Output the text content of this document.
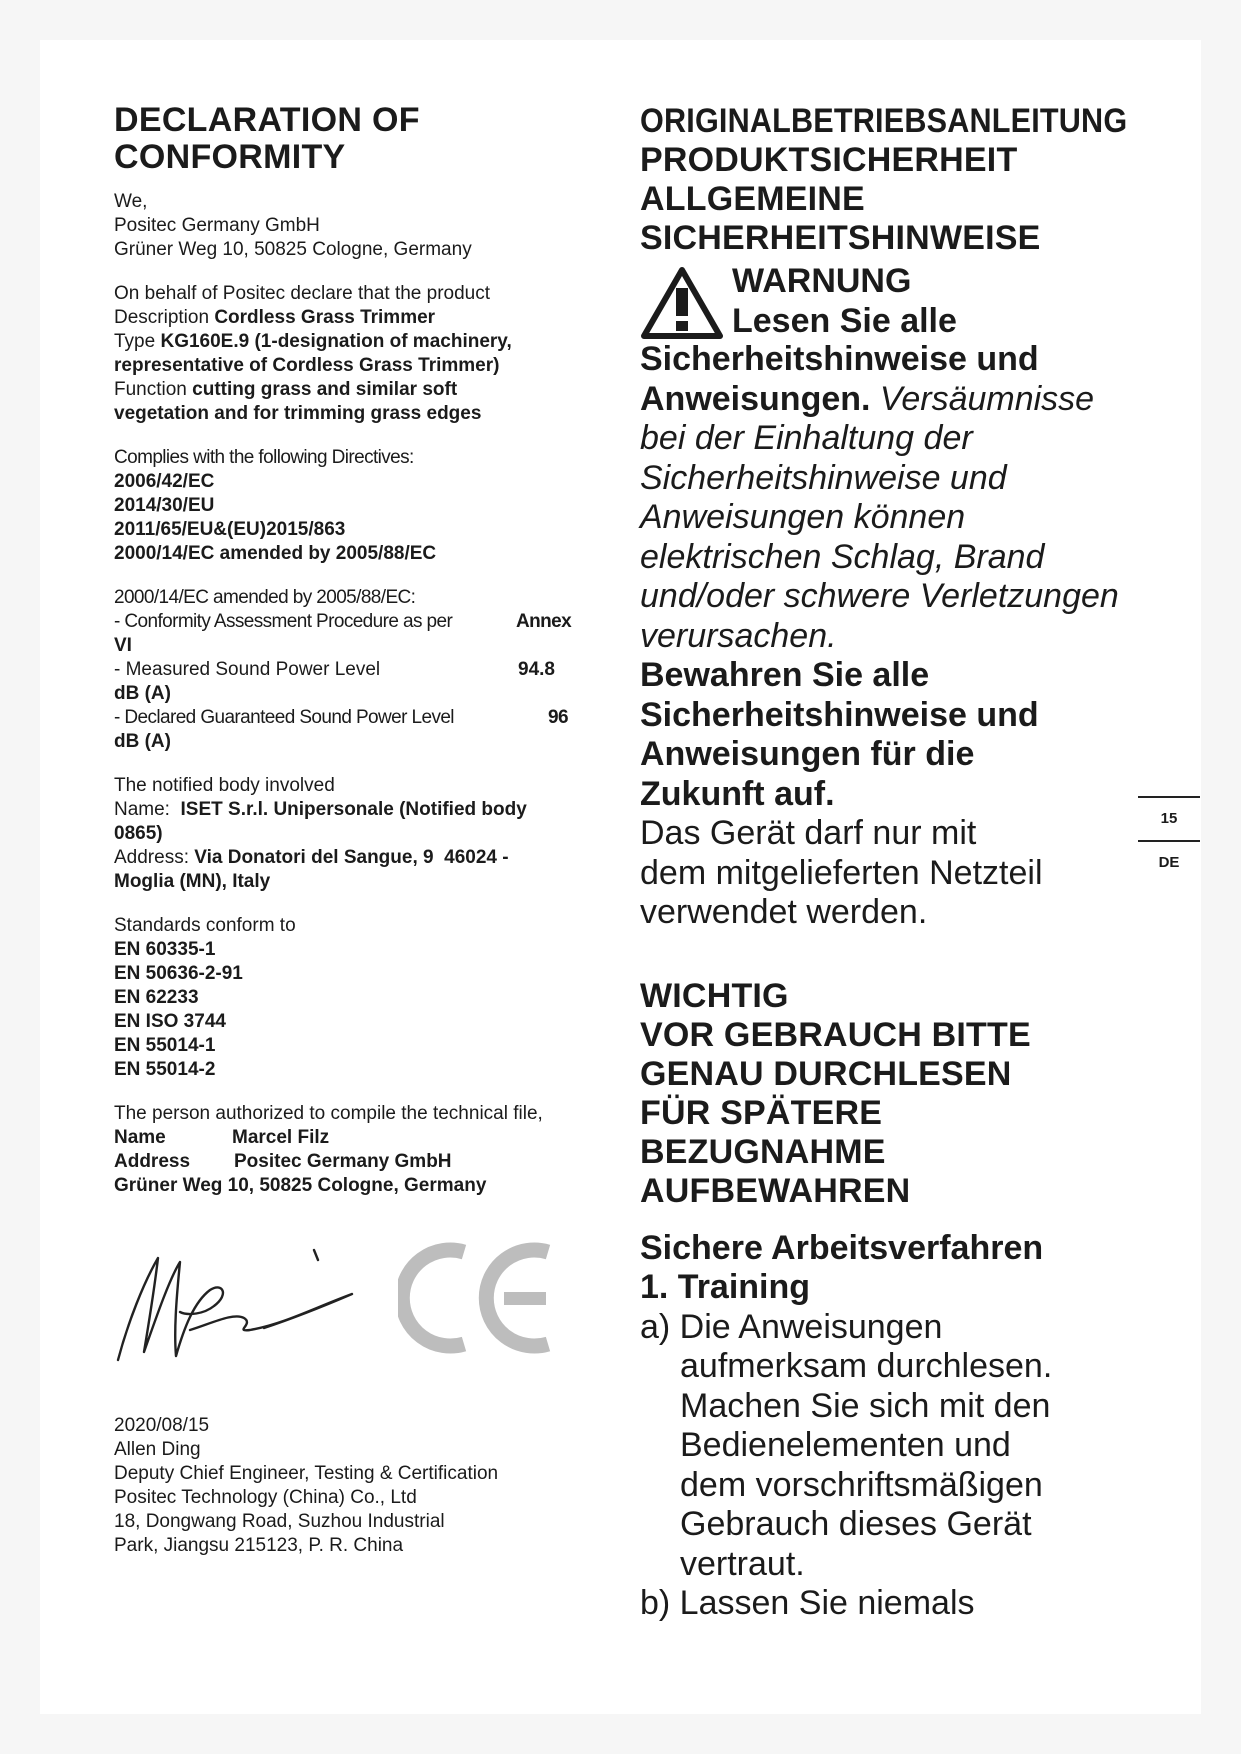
DECLARATION OF
CONFORMITY
We,
Positec Germany GmbH
Grüner Weg 10, 50825 Cologne, Germany
On behalf of Positec declare that the product
Description Cordless Grass Trimmer
Type KG160E.9 (1-designation of machinery,
representative of Cordless Grass Trimmer)
Function cutting grass and similar soft
vegetation and for trimming grass edges
Complies with the following Directives:
2006/42/EC
2014/30/EU
2011/65/EU&(EU)2015/863
2000/14/EC amended by 2005/88/EC
2000/14/EC amended by 2005/88/EC:
- Conformity Assessment Procedure as per	Annex
VI
- Measured Sound Power Level	94.8
dB (A)
- Declared Guaranteed Sound Power Level	96
dB (A)
The notified body involved
Name:  ISET S.r.l. Unipersonale (Notified body
0865)
Address: Via Donatori del Sangue, 9  46024 -
Moglia (MN), Italy
Standards conform to
EN 60335-1
EN 50636-2-91
EN 62233
EN ISO 3744
EN 55014-1
EN 55014-2
The person authorized to compile the technical file,
Name	Marcel Filz
Address Positec Germany GmbH
Grüner Weg 10, 50825 Cologne, Germany
2020/08/15
Allen Ding
Deputy Chief Engineer, Testing & Certification
Positec Technology (China) Co., Ltd
18, Dongwang Road, Suzhou Industrial
Park, Jiangsu 215123, P. R. China
ORIGINALBETRIEBSANLEITUNG
PRODUKTSICHERHEIT
ALLGEMEINE
SICHERHEITSHINWEISE
WARNUNG
Lesen Sie alle
Sicherheitshinweise und
Anweisungen. Versäumnisse
bei der Einhaltung der
Sicherheitshinweise und
Anweisungen können
elektrischen Schlag, Brand
und/oder schwere Verletzungen
verursachen.
Bewahren Sie alle
Sicherheitshinweise und
Anweisungen für die
Zukunft auf.
Das Gerät darf nur mit
dem mitgelieferten Netzteil
verwendet werden.
WICHTIG
VOR GEBRAUCH BITTE
GENAU DURCHLESEN
FÜR SPÄTERE
BEZUGNAHME
AUFBEWAHREN
Sichere Arbeitsverfahren
1. Training
a) Die Anweisungen
aufmerksam durchlesen.
Machen Sie sich mit den
Bedienelementen und
dem vorschriftsmäßigen
Gebrauch dieses Gerät
vertraut.
b) Lassen Sie niemals
15
DE
